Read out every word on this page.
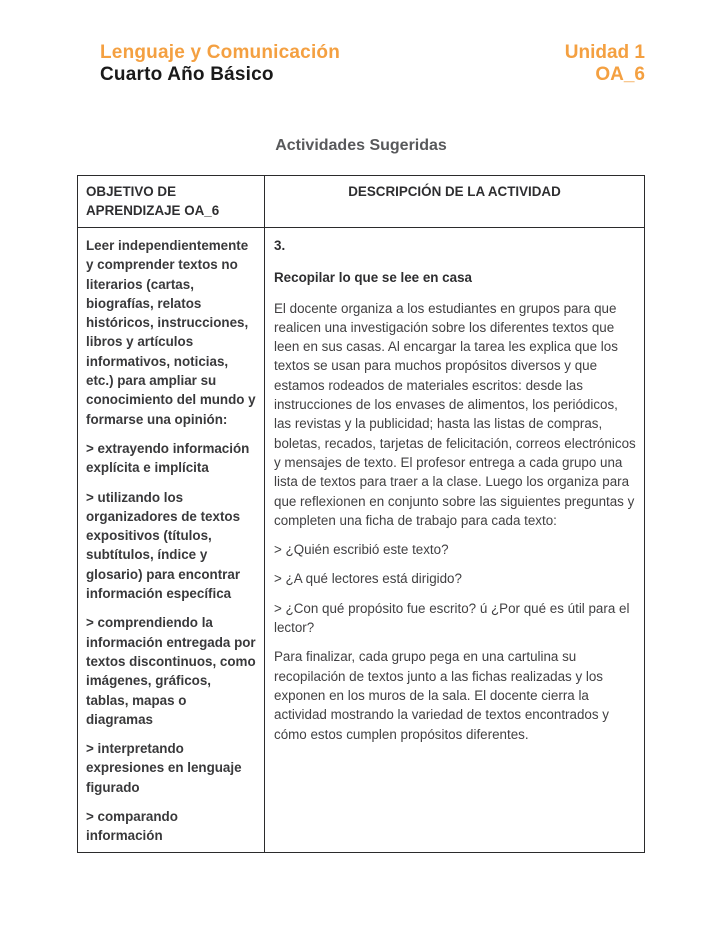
Lenguaje y Comunicación
Cuarto Año Básico
Unidad 1
OA_6
Actividades Sugeridas
OBJETIVO DE APRENDIZAJE OA_6
DESCRIPCIÓN DE LA ACTIVIDAD

Leer independientemente y comprender textos no literarios (cartas, biografías, relatos históricos, instrucciones, libros y artículos informativos, noticias, etc.) para ampliar su conocimiento del mundo y formarse una opinión:

> extrayendo información explícita e implícita

> utilizando los organizadores de textos expositivos (títulos, subtítulos, índice y glosario) para encontrar información específica

> comprendiendo la información entregada por textos discontinuos, como imágenes, gráficos, tablas, mapas o diagramas

> interpretando expresiones en lenguaje figurado

> comparando información

3.

Recopilar lo que se lee en casa

El docente organiza a los estudiantes en grupos para que realicen una investigación sobre los diferentes textos que leen en sus casas. Al encargar la tarea les explica que los textos se usan para muchos propósitos diversos y que estamos rodeados de materiales escritos: desde las instrucciones de los envases de alimentos, los periódicos, las revistas y la publicidad; hasta las listas de compras, boletas, recados, tarjetas de felicitación, correos electrónicos y mensajes de texto. El profesor entrega a cada grupo una lista de textos para traer a la clase. Luego los organiza para que reflexionen en conjunto sobre las siguientes preguntas y completen una ficha de trabajo para cada texto:

> ¿Quién escribió este texto?

> ¿A qué lectores está dirigido?

> ¿Con qué propósito fue escrito? ú ¿Por qué es útil para el lector?

Para finalizar, cada grupo pega en una cartulina su recopilación de textos junto a las fichas realizadas y los exponen en los muros de la sala. El docente cierra la actividad mostrando la variedad de textos encontrados y cómo estos cumplen propósitos diferentes.
